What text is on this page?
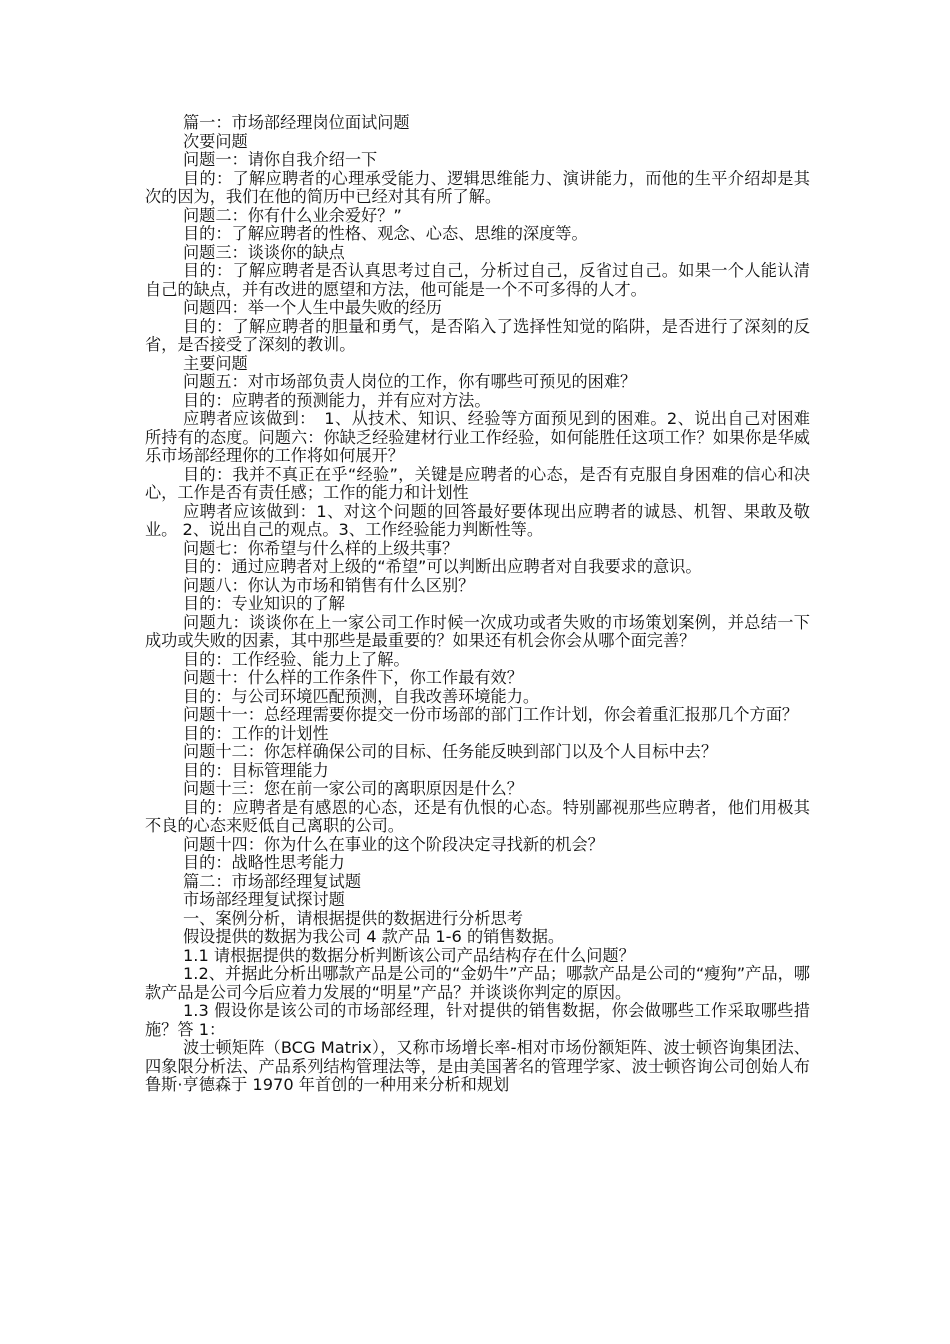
篇一：市场部经理岗位面试问题

次要问题

问题一：请你自我介绍一下

目的：了解应聘者的心理承受能力、逻辑思维能力、演讲能力，而他的生平介绍却是其次的因为，我们在他的简历中已经对其有所了解。

问题二：你有什么业余爱好？”

目的：了解应聘者的性格、观念、心态、思维的深度等。

问题三：谈谈你的缺点

目的：了解应聘者是否认真思考过自己，分析过自己，反省过自己。如果一个人能认清自己的缺点，并有改进的愿望和方法，他可能是一个不可多得的人才。

问题四：举一个人生中最失败的经历

目的：了解应聘者的胆量和勇气，是否陷入了选择性知觉的陷阱，是否进行了深刻的反省，是否接受了深刻的教训。

主要问题

问题五：对市场部负责人岗位的工作，你有哪些可预见的困难？

目的：应聘者的预测能力，并有应对方法。

应聘者应该做到：　1、从技术、知识、经验等方面预见到的困难。2、说出自己对困难所持有的态度。问题六：你缺乏经验建材行业工作经验，如何能胜任这项工作？如果你是华威乐市场部经理你的工作将如何展开？

目的：我并不真正在乎“经验”，关键是应聘者的心态，是否有克服自身困难的信心和决心，工作是否有责任感；工作的能力和计划性

应聘者应该做到：1、对这个问题的回答最好要体现出应聘者的诚恳、机智、果敢及敬业。 2、说出自己的观点。3、工作经验能力判断性等。

问题七：你希望与什么样的上级共事？

目的：通过应聘者对上级的“希望”可以判断出应聘者对自我要求的意识。

问题八：你认为市场和销售有什么区别？

目的：专业知识的了解

问题九：谈谈你在上一家公司工作时候一次成功或者失败的市场策划案例，并总结一下成功或失败的因素，其中那些是最重要的？如果还有机会你会从哪个面完善？

目的：工作经验、能力上了解。

问题十：什么样的工作条件下，你工作最有效？

目的：与公司环境匹配预测，自我改善环境能力。

问题十一：总经理需要你提交一份市场部的部门工作计划，你会着重汇报那几个方面？

目的：工作的计划性

问题十二：你怎样确保公司的目标、任务能反映到部门以及个人目标中去？

目的：目标管理能力

问题十三：您在前一家公司的离职原因是什么？

目的：应聘者是有感恩的心态，还是有仇恨的心态。特别鄙视那些应聘者，他们用极其不良的心态来贬低自己离职的公司。

问题十四：你为什么在事业的这个阶段决定寻找新的机会？

目的：战略性思考能力

篇二：市场部经理复试题

市场部经理复试探讨题

一、案例分析，请根据提供的数据进行分析思考

假设提供的数据为我公司 4 款产品 1-6 的销售数据。

1.1 请根据提供的数据分析判断该公司产品结构存在什么问题？

1.2、并据此分析出哪款产品是公司的“金奶牛”产品；哪款产品是公司的“瘦狗”产品，哪款产品是公司今后应着力发展的“明星”产品？并谈谈你判定的原因。

1.3 假设你是该公司的市场部经理，针对提供的销售数据，你会做哪些工作采取哪些措施？答 1：

波士顿矩阵（BCG Matrix），又称市场增长率-相对市场份额矩阵、波士顿咨询集团法、四象限分析法、产品系列结构管理法等，是由美国著名的管理学家、波士顿咨询公司创始人布鲁斯·亨德森于 1970 年首创的一种用来分析和规划
